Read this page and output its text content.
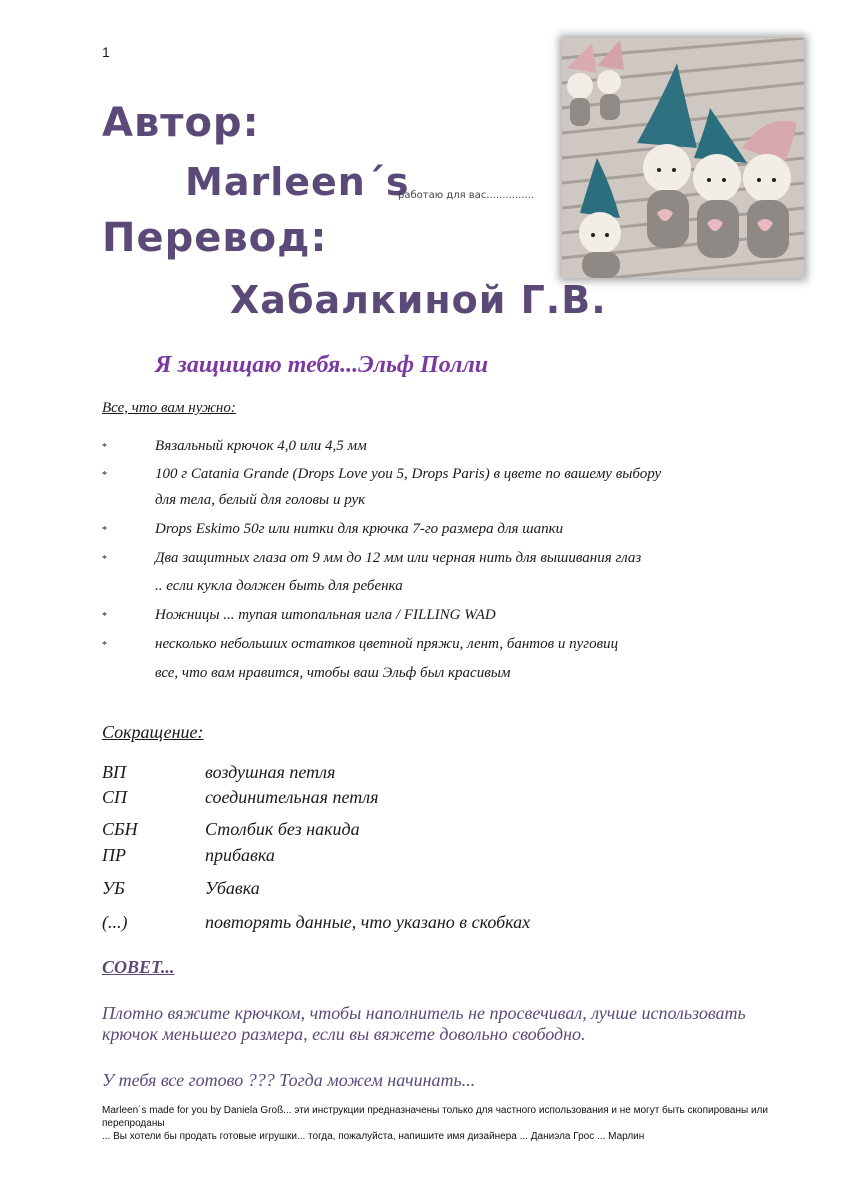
1
Автор:
Marleen´s
работаю для вас...............
Перевод:
Хабалкиной Г.В.
Я защищаю тебя...Эльф Полли
Все, что вам нужно:
*	Вязальный крючок 4,0 или 4,5 мм
*	100 г Catania Grande (Drops Love you 5, Drops Paris) в цвете по вашему выбору
для тела, белый для головы и рук
*	Drops Eskimo 50г или нитки для крючка 7-го размера для шапки
*	Два защитных глаза от 9 мм до 12 мм или черная нить для вышивания глаз
.. если кукла должен быть для ребенка
*	Ножницы ... тупая штопальная игла / FILLING WAD
*	несколько небольших остатков цветной пряжи, лент, бантов и пуговиц
все, что вам нравится, чтобы ваш Эльф был красивым
Сокращение:
ВП	воздушная петля
СП	соединительная петля
СБН	Столбик без накида
ПР	прибавка
УБ	Убавка
(...)	повторять данные, что указано в скобках
СОВЕТ...
Плотно вяжите крючком, чтобы наполнитель не просвечивал, лучше использовать крючок меньшего размера, если вы вяжете довольно свободно.
У тебя все готово ??? Тогда можем начинать...
Marleen´s made for you by Daniela Groß... эти инструкции предназначены только для частного использования и не могут быть скопированы или перепроданы
... Вы хотели бы продать готовые игрушки... тогда, пожалуйста, напишите имя дизайнера ... Даниэла Грос ... Марлин
